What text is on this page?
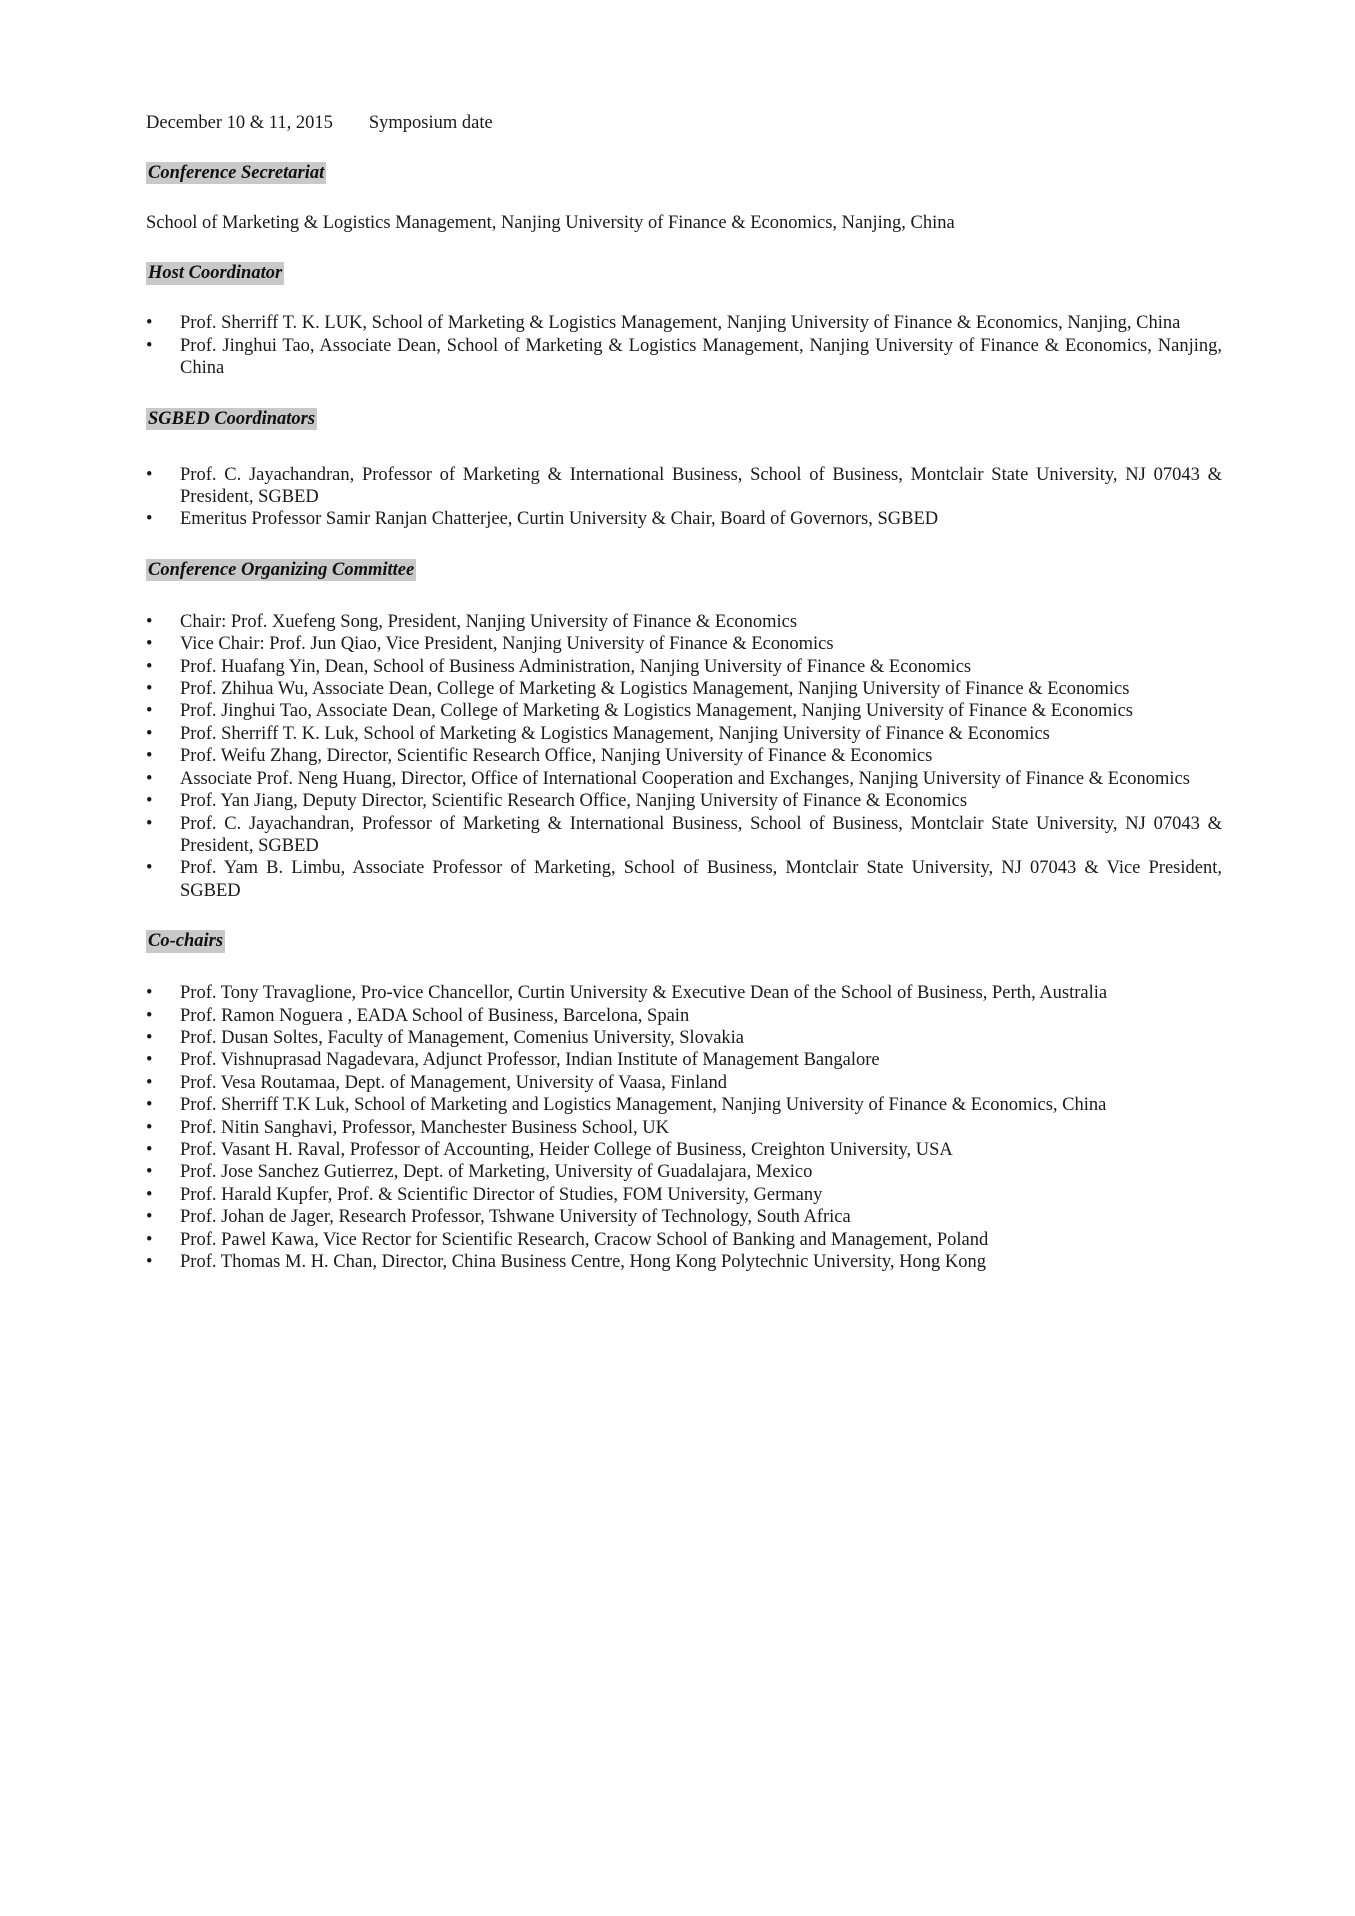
December 10 & 11, 2015 Symposium date
Conference Secretariat
School of Marketing & Logistics Management, Nanjing University of Finance & Economics, Nanjing, China
Host Coordinator
• Prof. Sherriff T. K. LUK, School of Marketing & Logistics Management, Nanjing University of Finance & Economics, Nanjing, China
• Prof. Jinghui Tao, Associate Dean, School of Marketing & Logistics Management, Nanjing University of Finance & Economics, Nanjing, China
SGBED Coordinators
• Prof. C. Jayachandran, Professor of Marketing & International Business, School of Business, Montclair State University, NJ 07043 & President, SGBED
• Emeritus Professor Samir Ranjan Chatterjee, Curtin University & Chair, Board of Governors, SGBED
Conference Organizing Committee
• Chair: Prof. Xuefeng Song, President, Nanjing University of Finance & Economics
• Vice Chair: Prof. Jun Qiao, Vice President, Nanjing University of Finance & Economics
• Prof. Huafang Yin, Dean, School of Business Administration, Nanjing University of Finance & Economics
• Prof. Zhihua Wu, Associate Dean, College of Marketing & Logistics Management, Nanjing University of Finance & Economics
• Prof. Jinghui Tao, Associate Dean, College of Marketing & Logistics Management, Nanjing University of Finance & Economics
• Prof. Sherriff T. K. Luk, School of Marketing & Logistics Management, Nanjing University of Finance & Economics
• Prof. Weifu Zhang, Director, Scientific Research Office, Nanjing University of Finance & Economics
• Associate Prof. Neng Huang, Director, Office of International Cooperation and Exchanges, Nanjing University of Finance & Economics
• Prof. Yan Jiang, Deputy Director, Scientific Research Office, Nanjing University of Finance & Economics
• Prof. C. Jayachandran, Professor of Marketing & International Business, School of Business, Montclair State University, NJ 07043 & President, SGBED
• Prof. Yam B. Limbu, Associate Professor of Marketing, School of Business, Montclair State University, NJ 07043 & Vice President, SGBED
Co-chairs
• Prof. Tony Travaglione, Pro-vice Chancellor, Curtin University & Executive Dean of the School of Business, Perth, Australia
• Prof. Ramon Noguera , EADA School of Business, Barcelona, Spain
• Prof. Dusan Soltes, Faculty of Management, Comenius University, Slovakia
• Prof. Vishnuprasad Nagadevara, Adjunct Professor, Indian Institute of Management Bangalore
• Prof. Vesa Routamaa, Dept. of Management, University of Vaasa, Finland
• Prof. Sherriff T.K Luk, School of Marketing and Logistics Management, Nanjing University of Finance & Economics, China
• Prof. Nitin Sanghavi, Professor, Manchester Business School, UK
• Prof. Vasant H. Raval, Professor of Accounting, Heider College of Business, Creighton University, USA
• Prof. Jose Sanchez Gutierrez, Dept. of Marketing, University of Guadalajara, Mexico
• Prof. Harald Kupfer, Prof. & Scientific Director of Studies, FOM University, Germany
• Prof. Johan de Jager, Research Professor, Tshwane University of Technology, South Africa
• Prof. Pawel Kawa, Vice Rector for Scientific Research, Cracow School of Banking and Management, Poland
• Prof. Thomas M. H. Chan, Director, China Business Centre, Hong Kong Polytechnic University, Hong Kong
